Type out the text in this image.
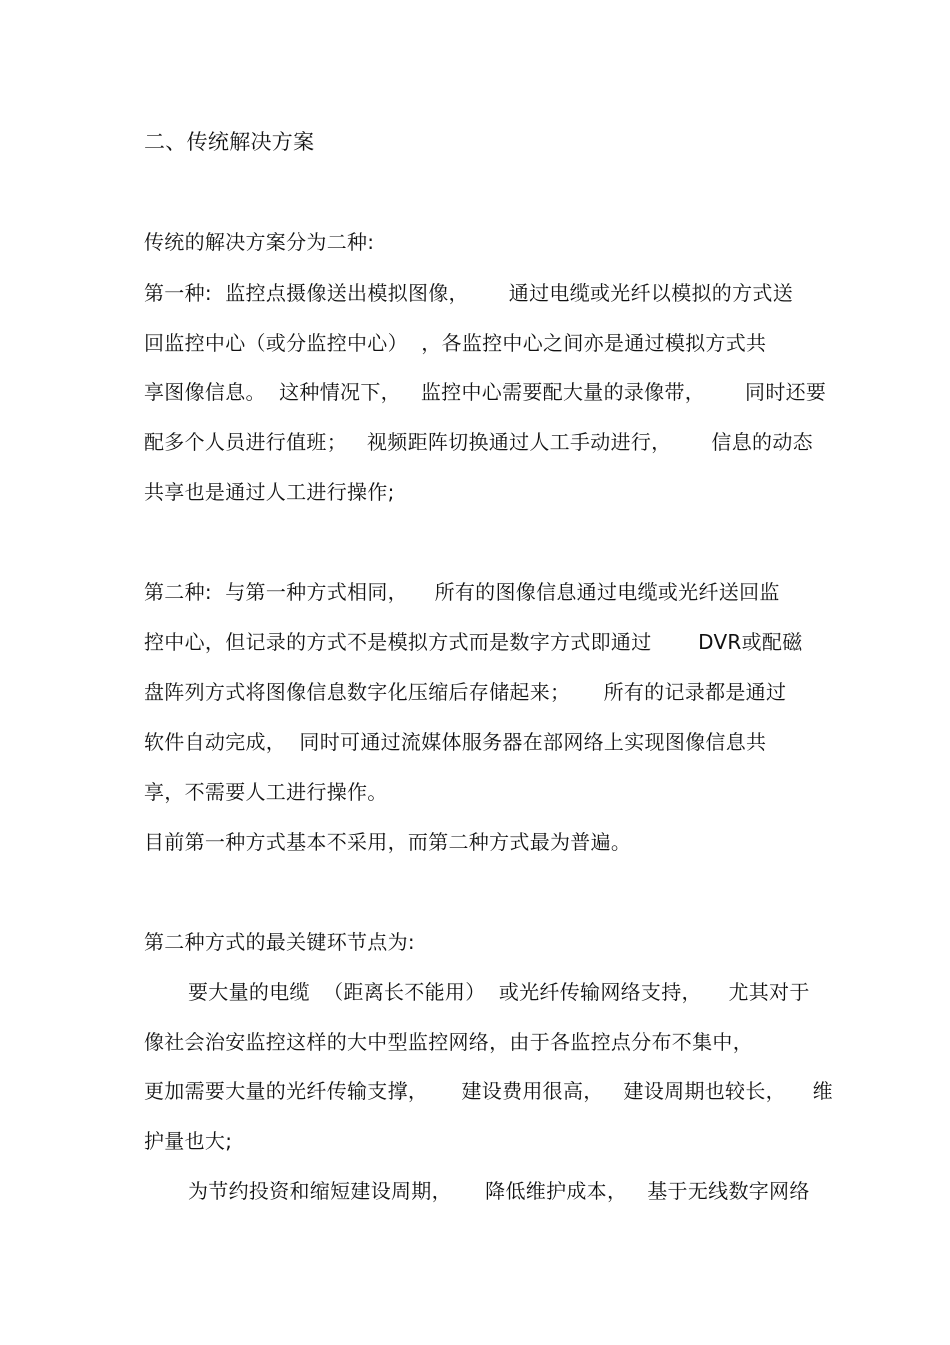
二、传统解决方案
传统的解决方案分为二种:
第一种:  监控点摄像送出模拟图像，      通过电缆或光纤以模拟的方式送
回监控中心（或分监控中心）  ，各监控中心之间亦是通过模拟方式共
享图像信息。  这种情况下，   监控中心需要配大量的录像带，      同时还要
配多个人员进行值班；   视频距阵切换通过人工手动进行，      信息的动态
共享也是通过人工进行操作;
第二种:  与第一种方式相同，    所有的图像信息通过电缆或光纤送回监
控中心，但记录的方式不是模拟方式而是数字方式即通过       DVR或配磁
盘阵列方式将图像信息数字化压缩后存储起来；     所有的记录都是通过
软件自动完成，  同时可通过流媒体服务器在部网络上实现图像信息共
享，不需要人工进行操作。
目前第一种方式基本不采用，而第二种方式最为普遍。
第二种方式的最关键环节点为:
要大量的电缆  （距离长不能用）  或光纤传输网络支持，    尤其对于
像社会治安监控这样的大中型监控网络，由于各监控点分布不集中，
更加需要大量的光纤传输支撑，     建设费用很高，   建设周期也较长，    维
护量也大;
为节约投资和缩短建设周期，     降低维护成本，   基于无线数字网络
